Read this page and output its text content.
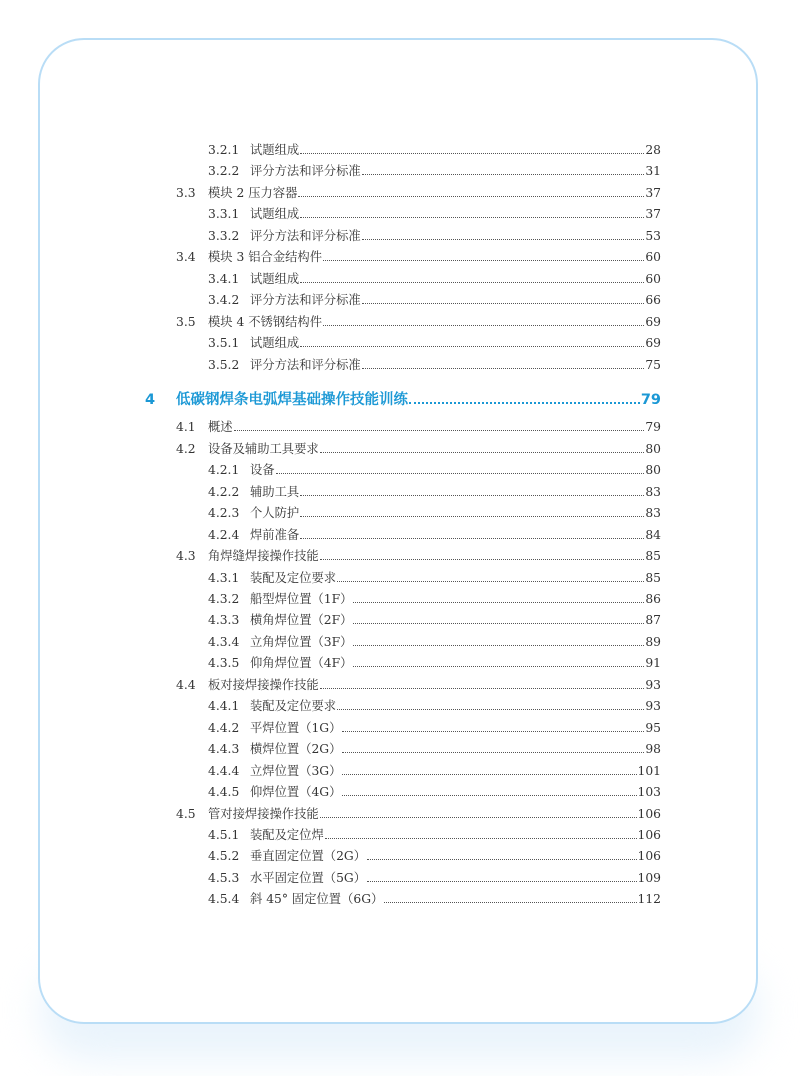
3.2.1 试题组成	28
3.2.2 评分方法和评分标准	31
3.3	模块 2 压力容器	37
3.3.1 试题组成	37
3.3.2 评分方法和评分标准	53
3.4	模块 3 铝合金结构件	60
3.4.1 试题组成	60
3.4.2 评分方法和评分标准	66
3.5	模块 4 不锈钢结构件	69
3.5.1 试题组成	69
3.5.2 评分方法和评分标准	75
4	低碳钢焊条电弧焊基础操作技能训练	79
4.1	概述	79
4.2	设备及辅助工具要求	80
4.2.1 设备	80
4.2.2 辅助工具	83
4.2.3 个人防护	83
4.2.4 焊前准备	84
4.3	角焊缝焊接操作技能	85
4.3.1 装配及定位要求	85
4.3.2 船型焊位置（1F）	86
4.3.3 横角焊位置（2F）	87
4.3.4 立角焊位置（3F）	89
4.3.5 仰角焊位置（4F）	91
4.4	板对接焊接操作技能	93
4.4.1 装配及定位要求	93
4.4.2 平焊位置（1G）	95
4.4.3 横焊位置（2G）	98
4.4.4 立焊位置（3G）	101
4.4.5 仰焊位置（4G）	103
4.5	管对接焊接操作技能	106
4.5.1 装配及定位焊	106
4.5.2 垂直固定位置（2G）	106
4.5.3 水平固定位置（5G）	109
4.5.4 斜 45° 固定位置（6G）	112
